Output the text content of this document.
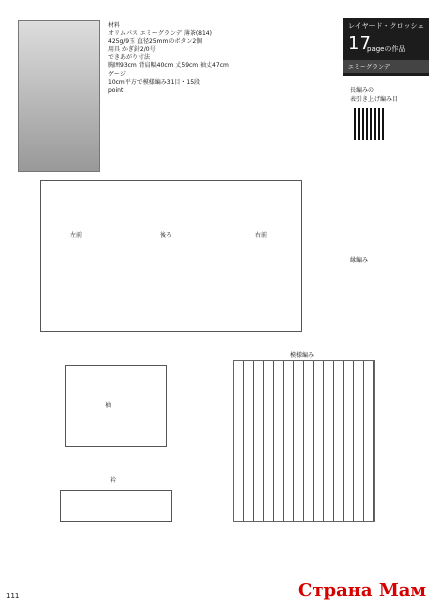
材料
オリムパス エミーグランデ 薄茶(814)
425g/9玉 直径25mmのボタン2個
用具 かぎ針2/0号
できあがり寸法
胸囲93cm 背肩幅40cm 丈59cm 袖丈47cm
ゲージ
10cm平方で模様編み31目・15段
point
レイヤード・クロッシェ
17
pageの作品
エミーグランデ
長編みの
表引き上げ編み目
左前	後ろ	右前
袖
衿
模様編み
縁編み
111	Страна Мам
